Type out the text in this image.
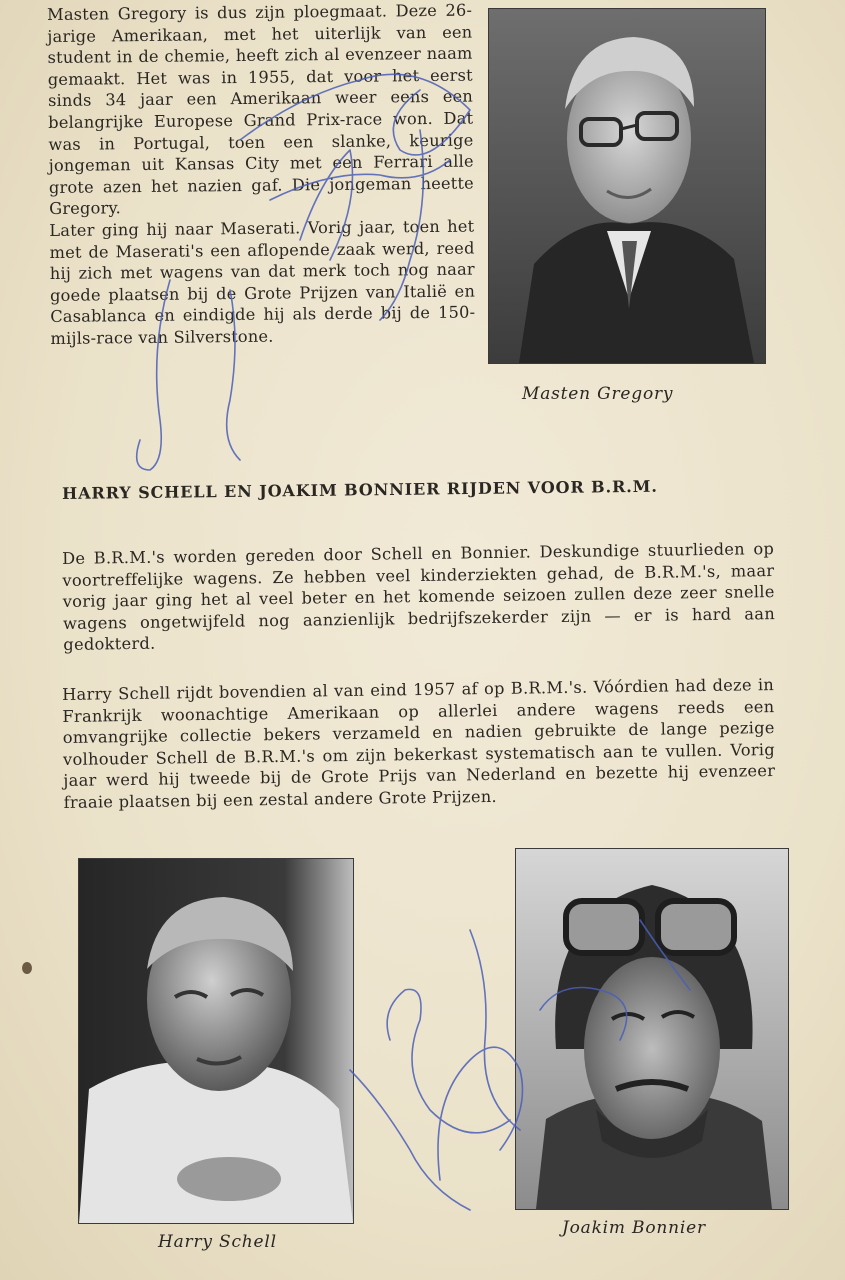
Masten Gregory is dus zijn ploegmaat. Deze 26-jarige Amerikaan, met het uiterlijk van een student in de chemie, heeft zich al evenzeer naam gemaakt. Het was in 1955, dat voor het eerst sinds 34 jaar een Amerikaan weer eens een belangrijke Europese Grand Prix-race won. Dat was in Portugal, toen een slanke, keurige jongeman uit Kansas City met een Ferrari alle grote azen het nazien gaf. Die jongeman heette Gregory.

Later ging hij naar Maserati. Vorig jaar, toen het met de Maserati's een aflopende zaak werd, reed hij zich met wagens van dat merk toch nog naar goede plaatsen bij de Grote Prijzen van Italië en Casablanca en eindigde hij als derde bij de 150-mijls-race van Silverstone.

Masten Gregory
HARRY SCHELL EN JOAKIM BONNIER RIJDEN VOOR B.R.M.

De B.R.M.'s worden gereden door Schell en Bonnier. Deskundige stuurlieden op voortreffelijke wagens. Ze hebben veel kinderziekten gehad, de B.R.M.'s, maar vorig jaar ging het al veel beter en het komende seizoen zullen deze zeer snelle wagens ongetwijfeld nog aanzienlijk bedrijfszekerder zijn — er is hard aan gedokterd.

Harry Schell rijdt bovendien al van eind 1957 af op B.R.M.'s. Vóórdien had deze in Frankrijk woonachtige Amerikaan op allerlei andere wagens reeds een omvangrijke collectie bekers verzameld en nadien gebruikte de lange pezige volhouder Schell de B.R.M.'s om zijn bekerkast systematisch aan te vullen. Vorig jaar werd hij tweede bij de Grote Prijs van Nederland en bezette hij evenzeer fraaie plaatsen bij een zestal andere Grote Prijzen.

Harry Schell
Joakim Bonnier
